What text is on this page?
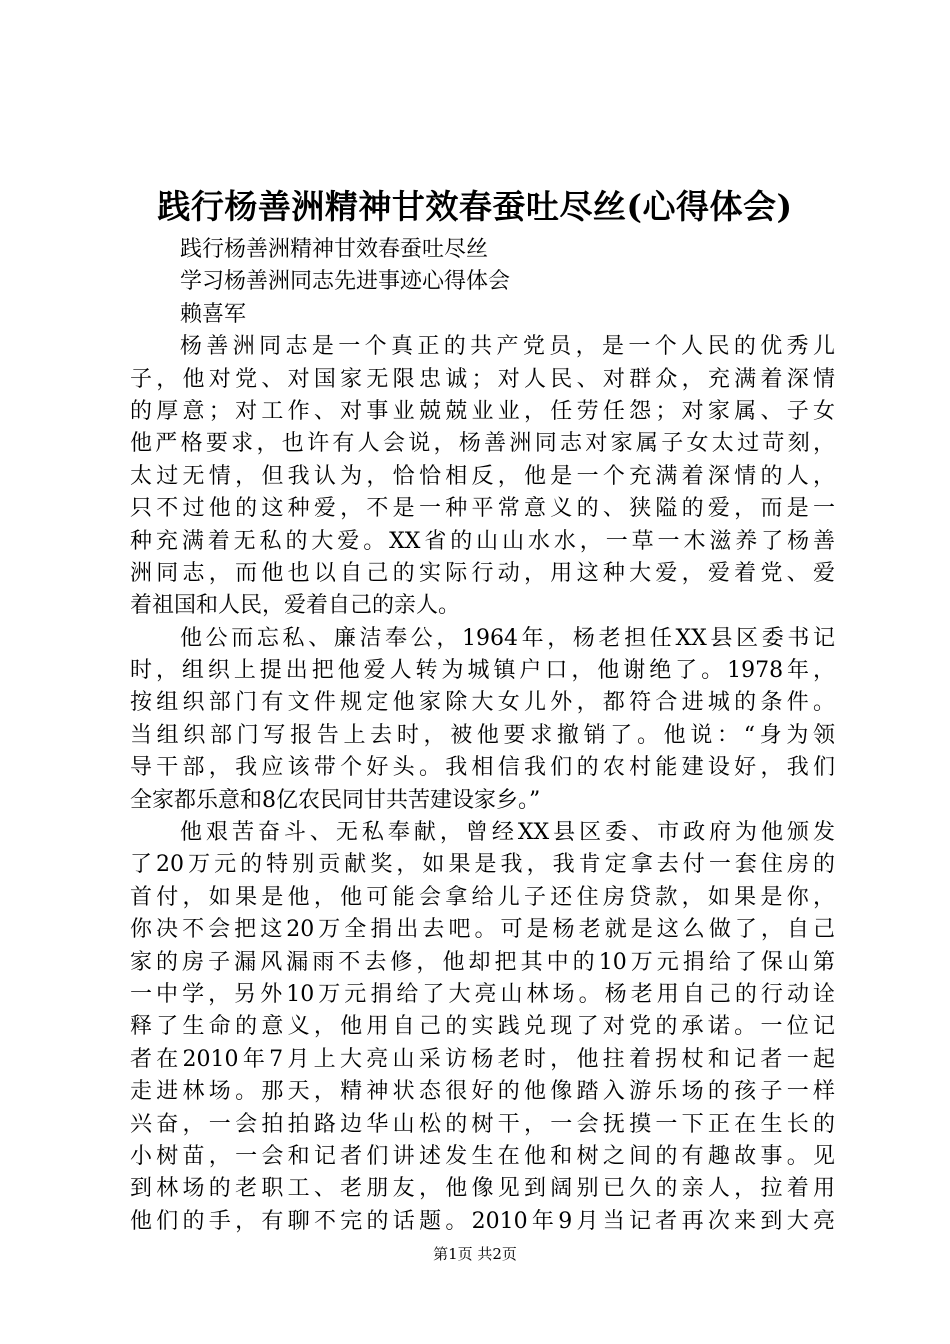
践行杨善洲精神甘效春蚕吐尽丝(心得体会)
践行杨善洲精神甘效春蚕吐尽丝
学习杨善洲同志先进事迹心得体会
赖喜军
杨善洲同志是一个真正的共产党员，是一个人民的优秀儿
子，他对党、对国家无限忠诚；对人民、对群众，充满着深情
的厚意；对工作、对事业兢兢业业，任劳任怨；对家属、子女
他严格要求，也许有人会说，杨善洲同志对家属子女太过苛刻，
太过无情，但我认为，恰恰相反，他是一个充满着深情的人，
只不过他的这种爱，不是一种平常意义的、狭隘的爱，而是一
种充满着无私的大爱。XX省的山山水水，一草一木滋养了杨善
洲同志，而他也以自己的实际行动，用这种大爱，爱着党、爱
着祖国和人民，爱着自己的亲人。
他公而忘私、廉洁奉公，1964年，杨老担任XX县区委书记
时，组织上提出把他爱人转为城镇户口，他谢绝了。1978年，
按组织部门有文件规定他家除大女儿外，都符合进城的条件。
当组织部门写报告上去时，被他要求撤销了。他说：“身为领
导干部，我应该带个好头。我相信我们的农村能建设好，我们
全家都乐意和8亿农民同甘共苦建设家乡。”
他艰苦奋斗、无私奉献，曾经XX县区委、市政府为他颁发
了20万元的特别贡献奖，如果是我，我肯定拿去付一套住房的
首付，如果是他，他可能会拿给儿子还住房贷款，如果是你，
你决不会把这20万全捐出去吧。可是杨老就是这么做了，自己
家的房子漏风漏雨不去修，他却把其中的10万元捐给了保山第
一中学，另外10万元捐给了大亮山林场。杨老用自己的行动诠
释了生命的意义，他用自己的实践兑现了对党的承诺。一位记
者在2010年7月上大亮山采访杨老时，他拄着拐杖和记者一起
走进林场。那天，精神状态很好的他像踏入游乐场的孩子一样
兴奋，一会拍拍路边华山松的树干，一会抚摸一下正在生长的
小树苗，一会和记者们讲述发生在他和树之间的有趣故事。见
到林场的老职工、老朋友，他像见到阔别已久的亲人，拉着用
他们的手，有聊不完的话题。2010年9月当记者再次来到大亮
第1页 共2页
